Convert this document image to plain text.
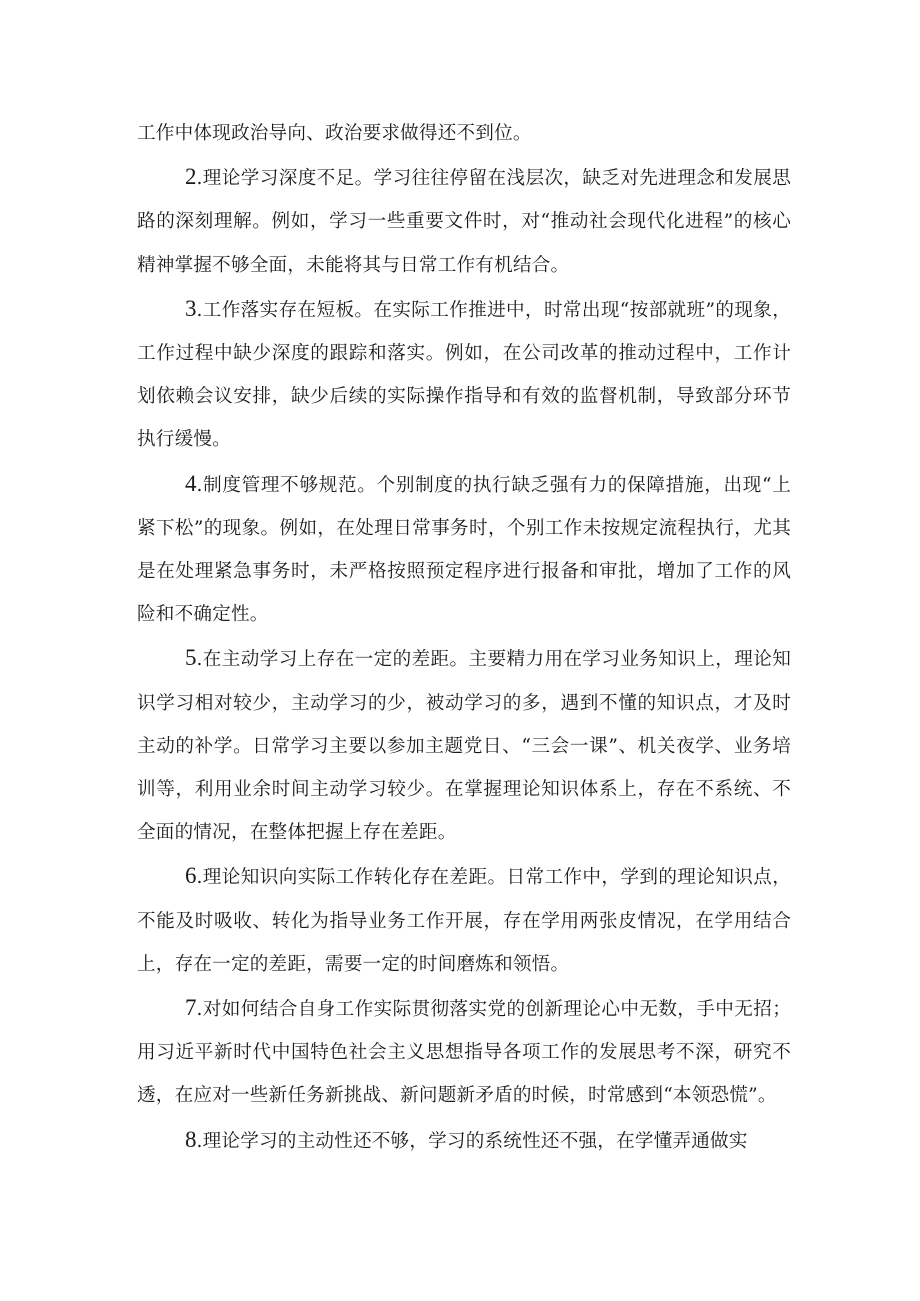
工作中体现政治导向、政治要求做得还不到位。

2.理论学习深度不足。学习往往停留在浅层次，缺乏对先进理念和发展思路的深刻理解。例如，学习一些重要文件时，对“推动社会现代化进程”的核心精神掌握不够全面，未能将其与日常工作有机结合。

3.工作落实存在短板。在实际工作推进中，时常出现“按部就班”的现象，工作过程中缺少深度的跟踪和落实。例如，在公司改革的推动过程中，工作计划依赖会议安排，缺少后续的实际操作指导和有效的监督机制，导致部分环节执行缓慢。

4.制度管理不够规范。个别制度的执行缺乏强有力的保障措施，出现“上紧下松”的现象。例如，在处理日常事务时，个别工作未按规定流程执行，尤其是在处理紧急事务时，未严格按照预定程序进行报备和审批，增加了工作的风险和不确定性。

5.在主动学习上存在一定的差距。主要精力用在学习业务知识上，理论知识学习相对较少，主动学习的少，被动学习的多，遇到不懂的知识点，才及时主动的补学。日常学习主要以参加主题党日、“三会一课”、机关夜学、业务培训等，利用业余时间主动学习较少。在掌握理论知识体系上，存在不系统、不全面的情况，在整体把握上存在差距。

6.理论知识向实际工作转化存在差距。日常工作中，学到的理论知识点，不能及时吸收、转化为指导业务工作开展，存在学用两张皮情况，在学用结合上，存在一定的差距，需要一定的时间磨炼和领悟。

7.对如何结合自身工作实际贯彻落实党的创新理论心中无数，手中无招；用习近平新时代中国特色社会主义思想指导各项工作的发展思考不深，研究不透，在应对一些新任务新挑战、新问题新矛盾的时候，时常感到“本领恐慌”。

8.理论学习的主动性还不够，学习的系统性还不强，在学懂弄通做实
